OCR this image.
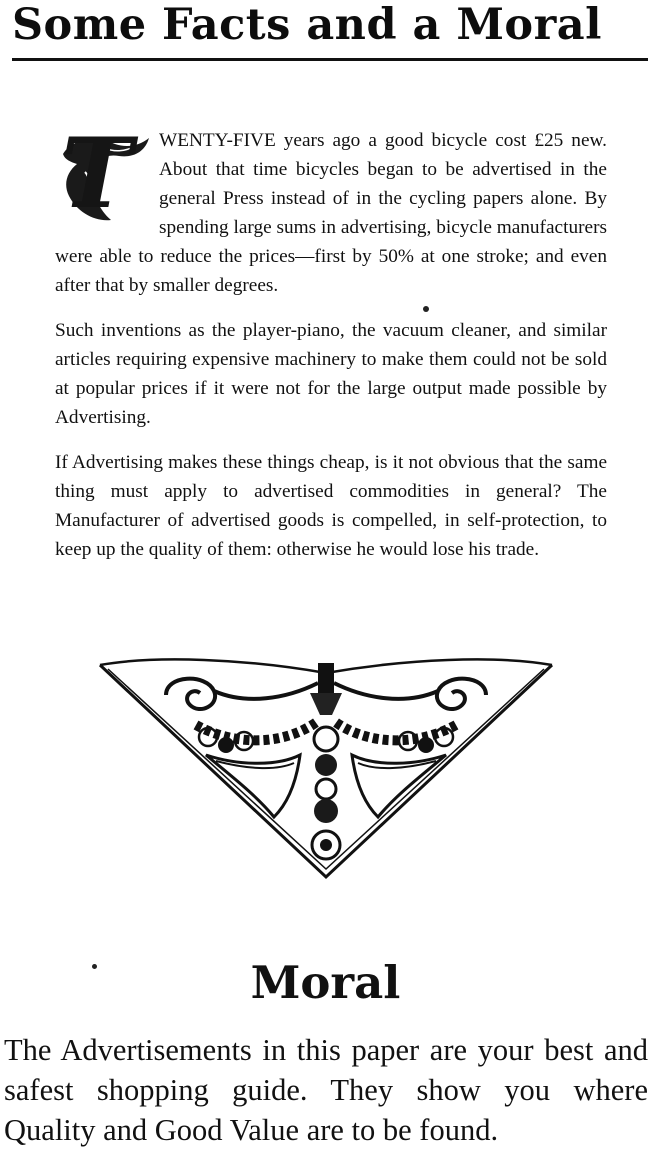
Some Facts and a Moral
T WENTY-FIVE years ago a good bicycle cost £25 new. About that time bicycles began to be advertised in the general Press instead of in the cycling papers alone. By spending large sums in advertising, bicycle manufacturers were able to reduce the prices—first by 50% at one stroke; and even after that by smaller degrees.

Such inventions as the player-piano, the vacuum cleaner, and similar articles requiring expensive machinery to make them could not be sold at popular prices if it were not for the large output made possible by Advertising.

If Advertising makes these things cheap, is it not obvious that the same thing must apply to advertised commodities in general? The Manufacturer of advertised goods is compelled, in self-protection, to keep up the quality of them: otherwise he would lose his trade.

Moral
The Advertisements in this paper are your best and safest shopping guide. They show you where Quality and Good Value are to be found.
